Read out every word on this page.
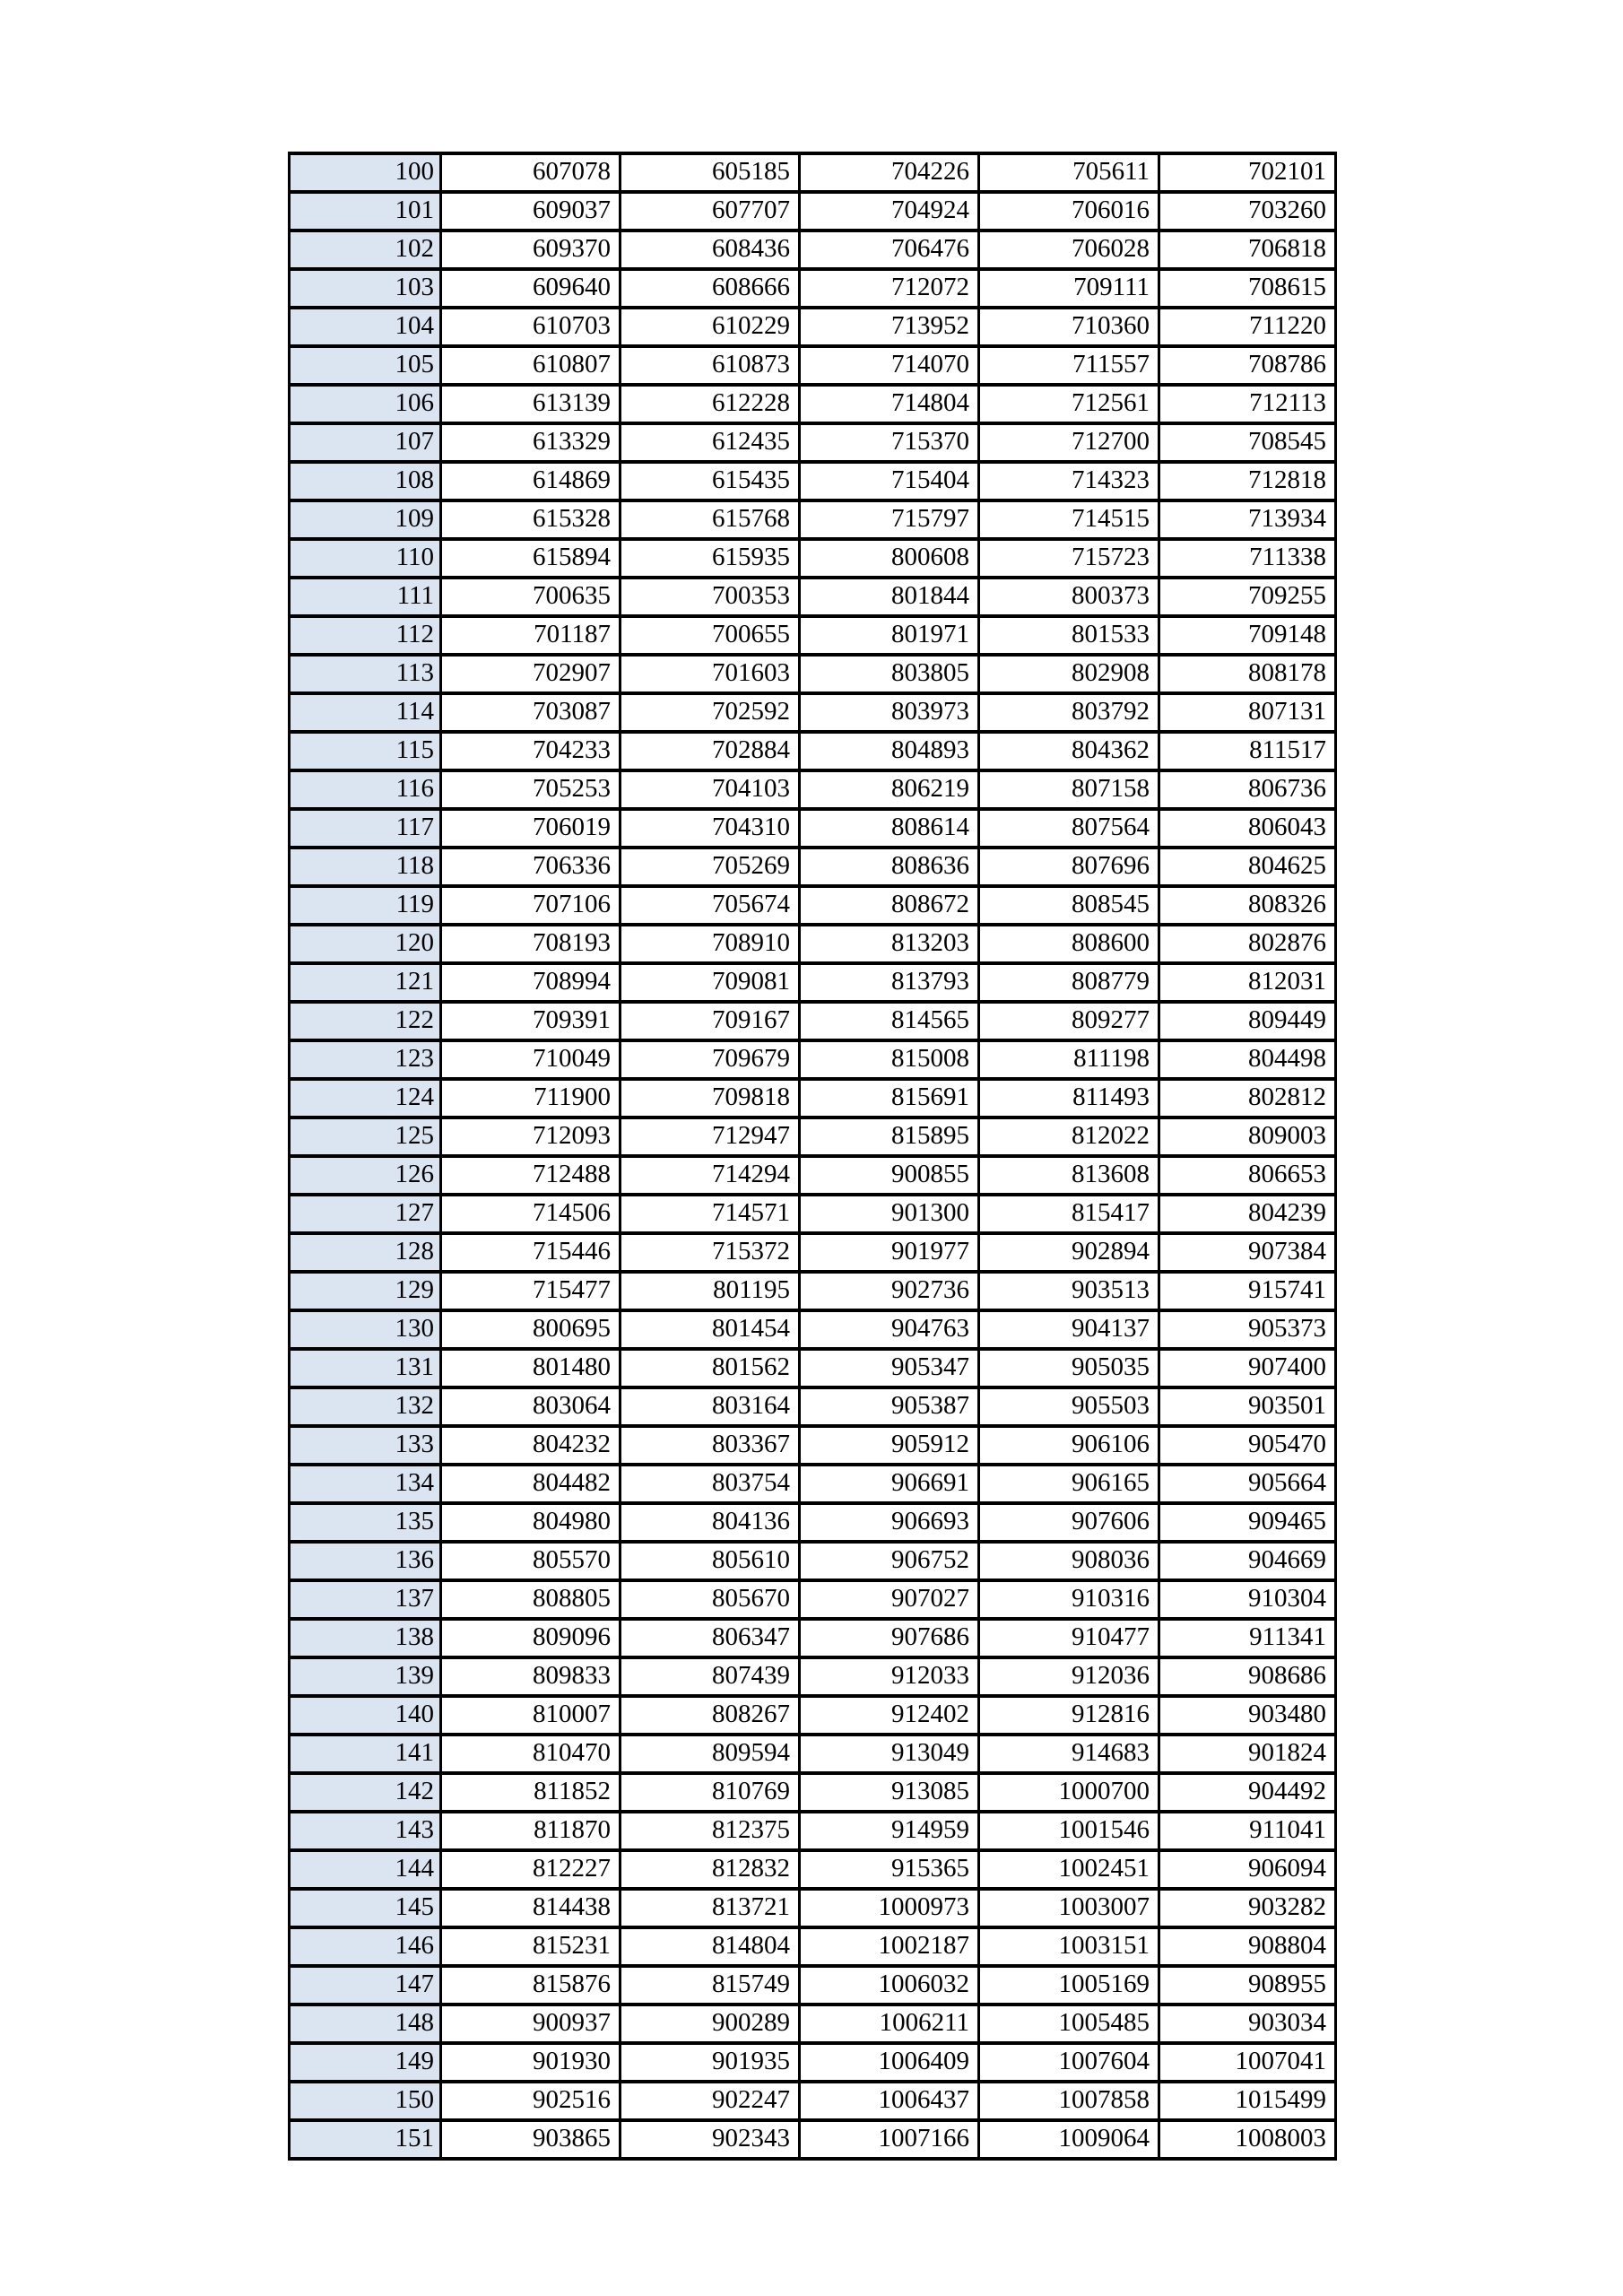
100	607078	605185	704226	705611	702101
101	609037	607707	704924	706016	703260
102	609370	608436	706476	706028	706818
103	609640	608666	712072	709111	708615
104	610703	610229	713952	710360	711220
105	610807	610873	714070	711557	708786
106	613139	612228	714804	712561	712113
107	613329	612435	715370	712700	708545
108	614869	615435	715404	714323	712818
109	615328	615768	715797	714515	713934
110	615894	615935	800608	715723	711338
111	700635	700353	801844	800373	709255
112	701187	700655	801971	801533	709148
113	702907	701603	803805	802908	808178
114	703087	702592	803973	803792	807131
115	704233	702884	804893	804362	811517
116	705253	704103	806219	807158	806736
117	706019	704310	808614	807564	806043
118	706336	705269	808636	807696	804625
119	707106	705674	808672	808545	808326
120	708193	708910	813203	808600	802876
121	708994	709081	813793	808779	812031
122	709391	709167	814565	809277	809449
123	710049	709679	815008	811198	804498
124	711900	709818	815691	811493	802812
125	712093	712947	815895	812022	809003
126	712488	714294	900855	813608	806653
127	714506	714571	901300	815417	804239
128	715446	715372	901977	902894	907384
129	715477	801195	902736	903513	915741
130	800695	801454	904763	904137	905373
131	801480	801562	905347	905035	907400
132	803064	803164	905387	905503	903501
133	804232	803367	905912	906106	905470
134	804482	803754	906691	906165	905664
135	804980	804136	906693	907606	909465
136	805570	805610	906752	908036	904669
137	808805	805670	907027	910316	910304
138	809096	806347	907686	910477	911341
139	809833	807439	912033	912036	908686
140	810007	808267	912402	912816	903480
141	810470	809594	913049	914683	901824
142	811852	810769	913085	1000700	904492
143	811870	812375	914959	1001546	911041
144	812227	812832	915365	1002451	906094
145	814438	813721	1000973	1003007	903282
146	815231	814804	1002187	1003151	908804
147	815876	815749	1006032	1005169	908955
148	900937	900289	1006211	1005485	903034
149	901930	901935	1006409	1007604	1007041
150	902516	902247	1006437	1007858	1015499
151	903865	902343	1007166	1009064	1008003
